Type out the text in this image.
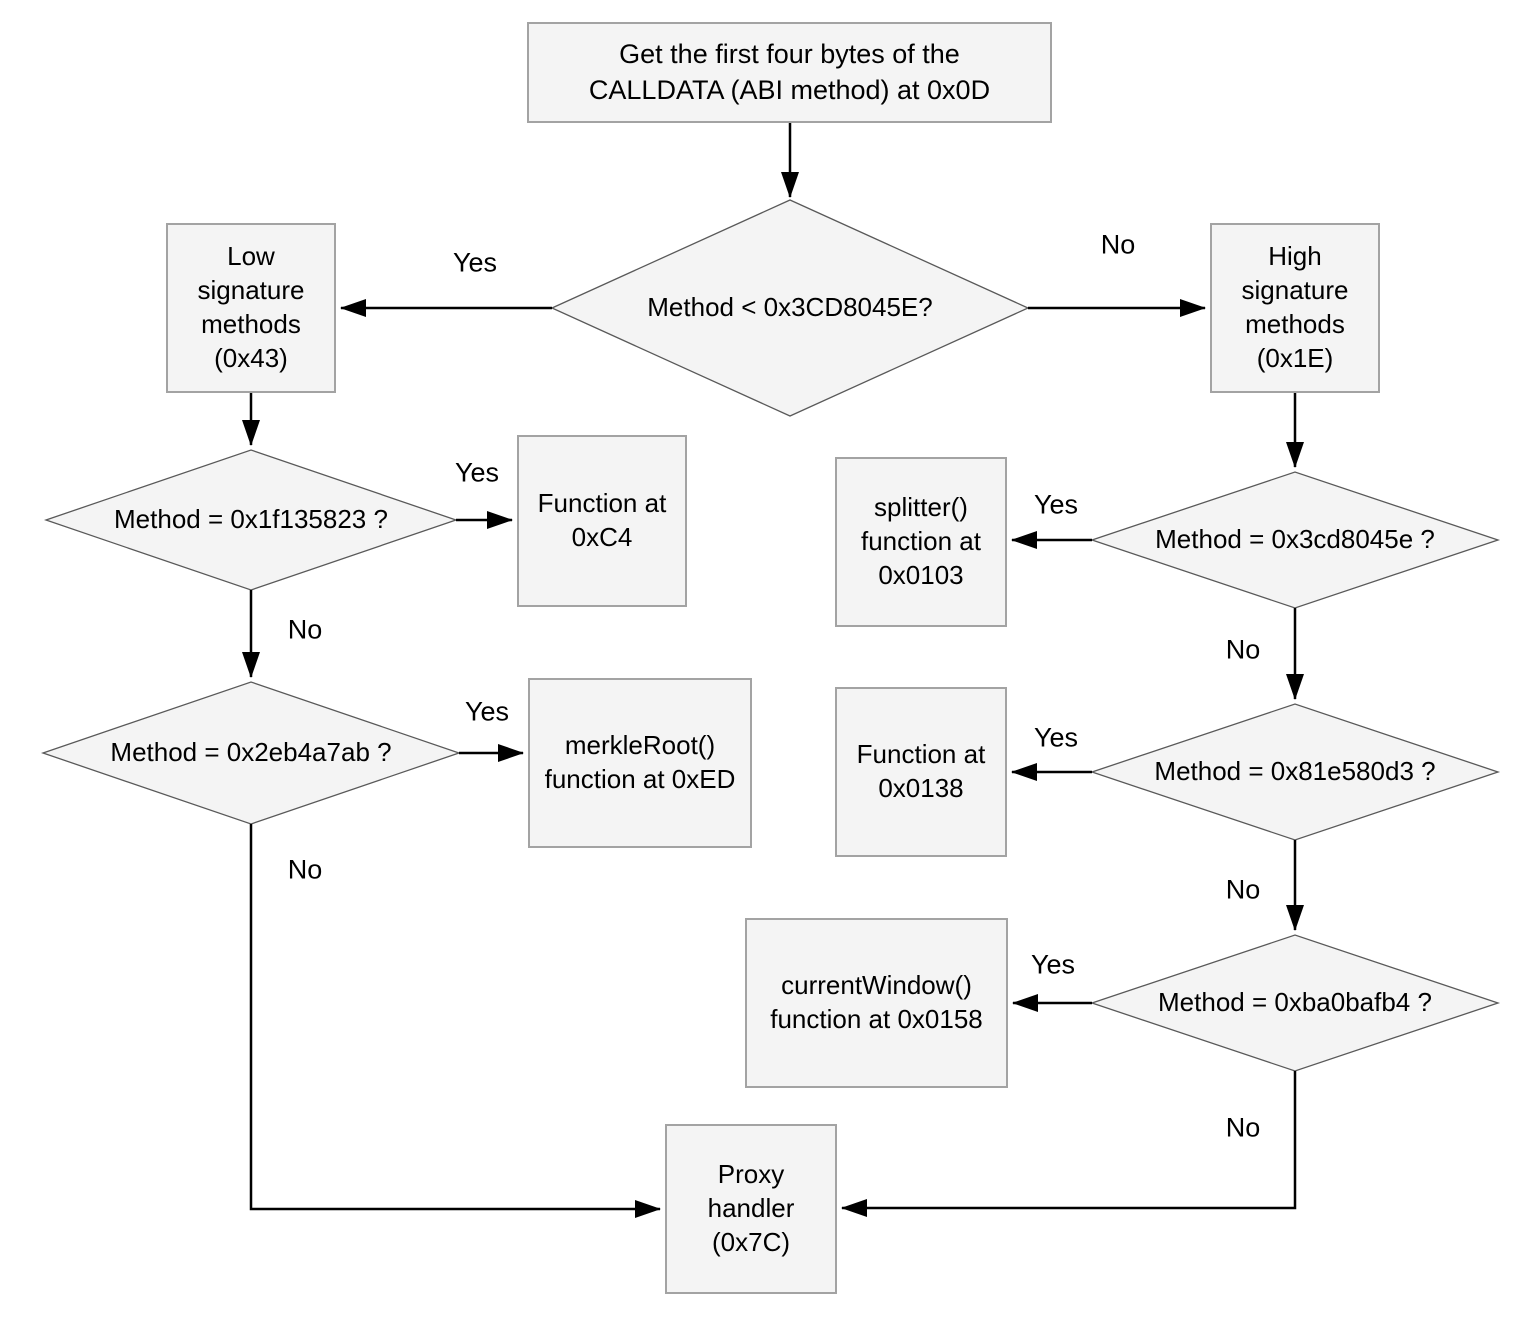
Get the first four bytes of the CALLDATA (ABI method) at 0x0D
Low signature methods (0x43)
High signature methods (0x1E)
Function at 0xC4
merkleRoot() function at 0xED
splitter() function at 0x0103
Function at 0x0138
currentWindow() function at 0x0158
Proxy handler (0x7C)
Method < 0x3CD8045E?
Method = 0x1f135823 ?
Method = 0x2eb4a7ab ?
Method = 0x3cd8045e ?
Method = 0x81e580d3 ?
Method = 0xba0bafb4 ?
Yes
No
Yes
No
Yes
No
Yes
No
Yes
No
Yes
No
